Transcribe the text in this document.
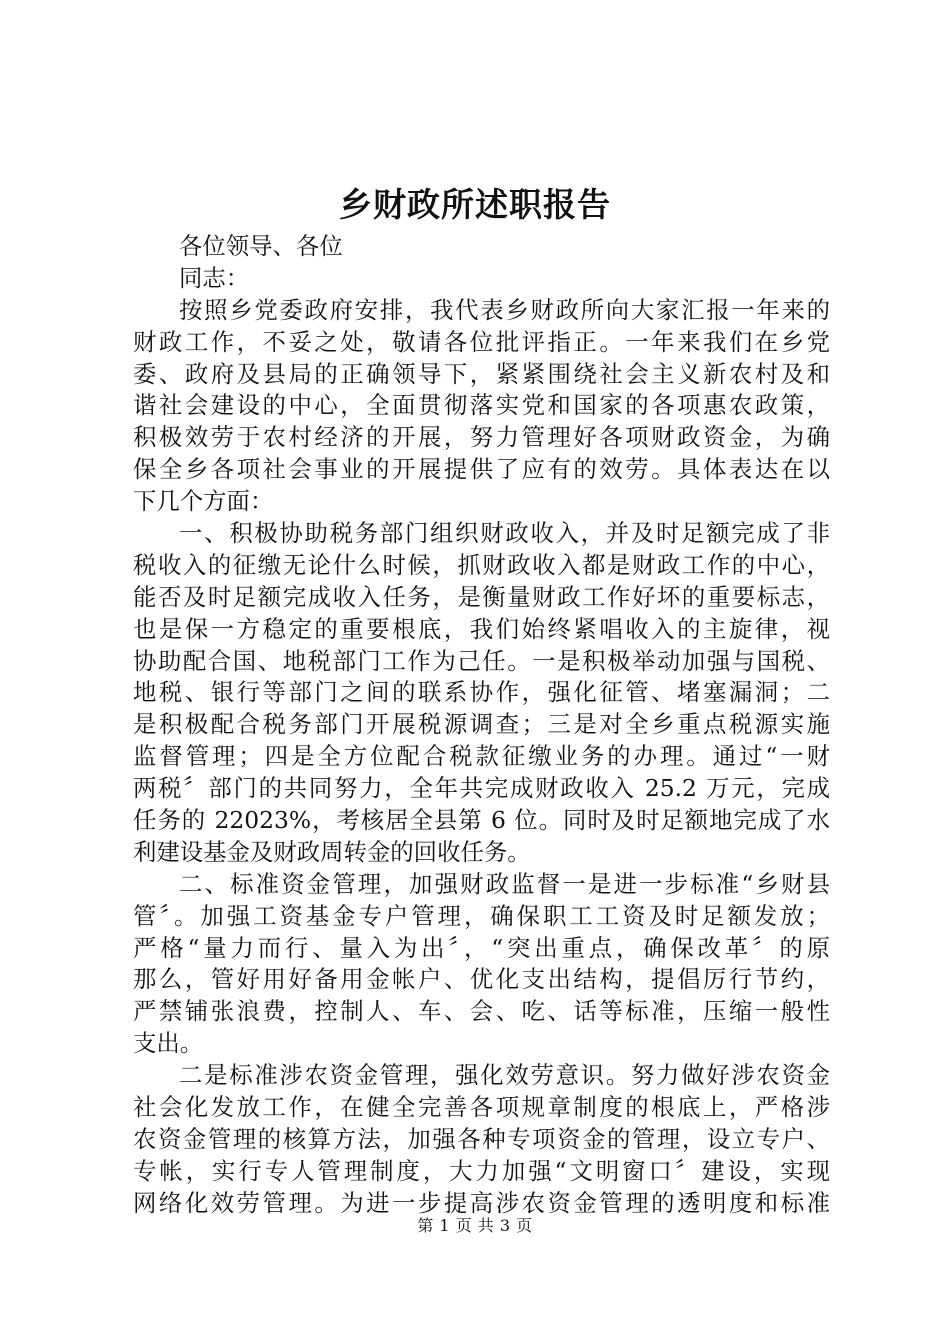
乡财政所述职报告
各位领导、各位
同志：
按照乡党委政府安排，我代表乡财政所向大家汇报一年来的
财政工作，不妥之处，敬请各位批评指正。一年来我们在乡党
委、政府及县局的正确领导下，紧紧围绕社会主义新农村及和
谐社会建设的中心，全面贯彻落实党和国家的各项惠农政策，
积极效劳于农村经济的开展，努力管理好各项财政资金，为确
保全乡各项社会事业的开展提供了应有的效劳。具体表达在以
下几个方面：
一、积极协助税务部门组织财政收入，并及时足额完成了非
税收入的征缴无论什么时候，抓财政收入都是财政工作的中心，
能否及时足额完成收入任务，是衡量财政工作好坏的重要标志，
也是保一方稳定的重要根底，我们始终紧唱收入的主旋律，视
协助配合国、地税部门工作为己任。一是积极举动加强与国税、
地税、银行等部门之间的联系协作，强化征管、堵塞漏洞；二
是积极配合税务部门开展税源调查；三是对全乡重点税源实施
监督管理；四是全方位配合税款征缴业务的办理。通过“一财
两税〞部门的共同努力，全年共完成财政收入 25.2 万元，完成
任务的 22023%，考核居全县第 6 位。同时及时足额地完成了水
利建设基金及财政周转金的回收任务。
二、标准资金管理，加强财政监督一是进一步标准“乡财县
管〞。加强工资基金专户管理，确保职工工资及时足额发放；
严格“量力而行、量入为出〞，“突出重点，确保改革〞的原
那么，管好用好备用金帐户、优化支出结构，提倡厉行节约，
严禁铺张浪费，控制人、车、会、吃、话等标准，压缩一般性
支出。
二是标准涉农资金管理，强化效劳意识。努力做好涉农资金
社会化发放工作，在健全完善各项规章制度的根底上，严格涉
农资金管理的核算方法，加强各种专项资金的管理，设立专户、
专帐，实行专人管理制度，大力加强“文明窗口〞建设，实现
网络化效劳管理。为进一步提高涉农资金管理的透明度和标准
第 1 页 共 3 页
